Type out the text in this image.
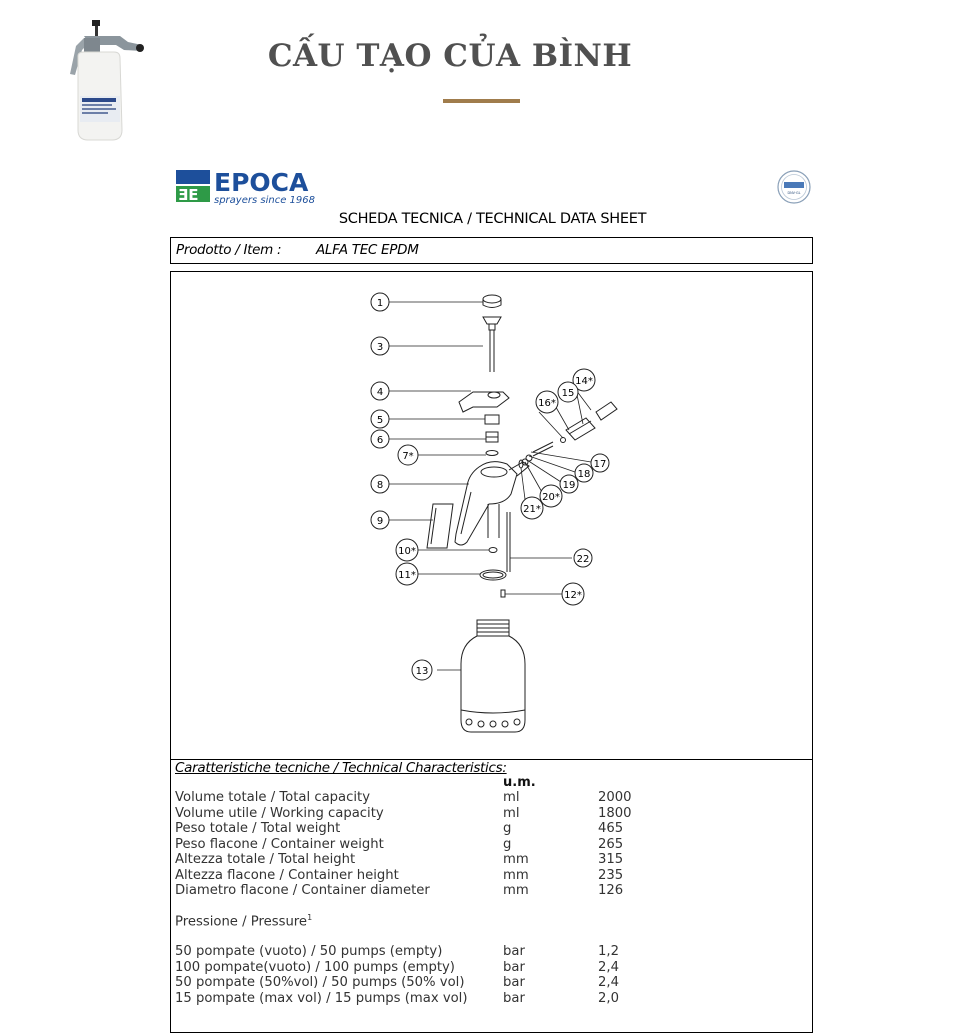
CẤU TẠO CỦA BÌNH
ƎE EPOCA
sprayers since 1968
DNV·GL
SCHEDA TECNICA / TECHNICAL DATA SHEET
Prodotto / Item :	ALFA TEC EPDM
1
3
4
5
6
7*
8
9
10*
11*
12*
13
14*
15
16*
17
18
19
20*
21*
22
Caratteristiche tecniche / Technical Characteristics:
u.m.
Volume totale / Total capacity	ml	2000
Volume utile / Working capacity	ml	1800
Peso totale / Total weight	g	465
Peso flacone / Container weight	g	265
Altezza totale / Total height	mm	315
Altezza flacone / Container height	mm	235
Diametro flacone / Container diameter	mm	126
Pressione / Pressure$^1$
50 pompate (vuoto) / 50 pumps (empty)	bar	1,2
100 pompate(vuoto) / 100 pumps (empty)	bar	2,4
50 pompate (50%vol) / 50 pumps (50% vol)	bar	2,4
15 pompate (max vol) / 15 pumps (max vol)	bar	2,0
